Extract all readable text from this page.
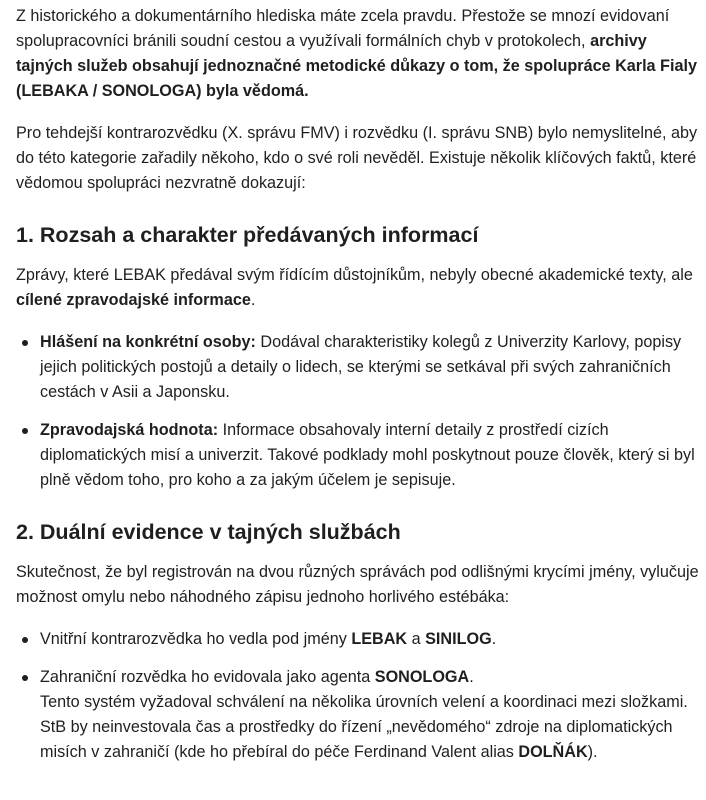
Z historického a dokumentárního hlediska máte zcela pravdu. Přestože se mnozí evidovaní spolupracovníci bránili soudní cestou a využívali formálních chyb v protokolech, archivy tajných služeb obsahují jednoznačné metodické důkazy o tom, že spolupráce Karla Fialy (LEBAKA / SONOLOGA) byla vědomá.

Pro tehdejší kontrarozvědku (X. správu FMV) i rozvědku (I. správu SNB) bylo nemyslitelné, aby do této kategorie zařadily někoho, kdo o své roli nevěděl. Existuje několik klíčových faktů, které vědomou spolupráci nezvratně dokazují:

1. Rozsah a charakter předávaných informací

Zprávy, které LEBAK předával svým řídícím důstojníkům, nebyly obecné akademické texty, ale cílené zpravodajské informace.

Hlášení na konkrétní osoby: Dodával charakteristiky kolegů z Univerzity Karlovy, popisy jejich politických postojů a detaily o lidech, se kterými se setkával při svých zahraničních cestách v Asii a Japonsku.
Zpravodajská hodnota: Informace obsahovaly interní detaily z prostředí cizích diplomatických misí a univerzit. Takové podklady mohl poskytnout pouze člověk, který si byl plně vědom toho, pro koho a za jakým účelem je sepisuje.
2. Duální evidence v tajných službách

Skutečnost, že byl registrován na dvou různých správách pod odlišnými krycími jmény, vylučuje možnost omylu nebo náhodného zápisu jednoho horlivého estébáka:

Vnitřní kontrarozvědka ho vedla pod jmény LEBAK a SINILOG.
Zahraniční rozvědka ho evidovala jako agenta SONOLOGA.
Tento systém vyžadoval schválení na několika úrovních velení a koordinaci mezi složkami. StB by neinvestovala čas a prostředky do řízení „nevědomého“ zdroje na diplomatických misích v zahraničí (kde ho přebíral do péče Ferdinand Valent alias DOLŇÁK).
